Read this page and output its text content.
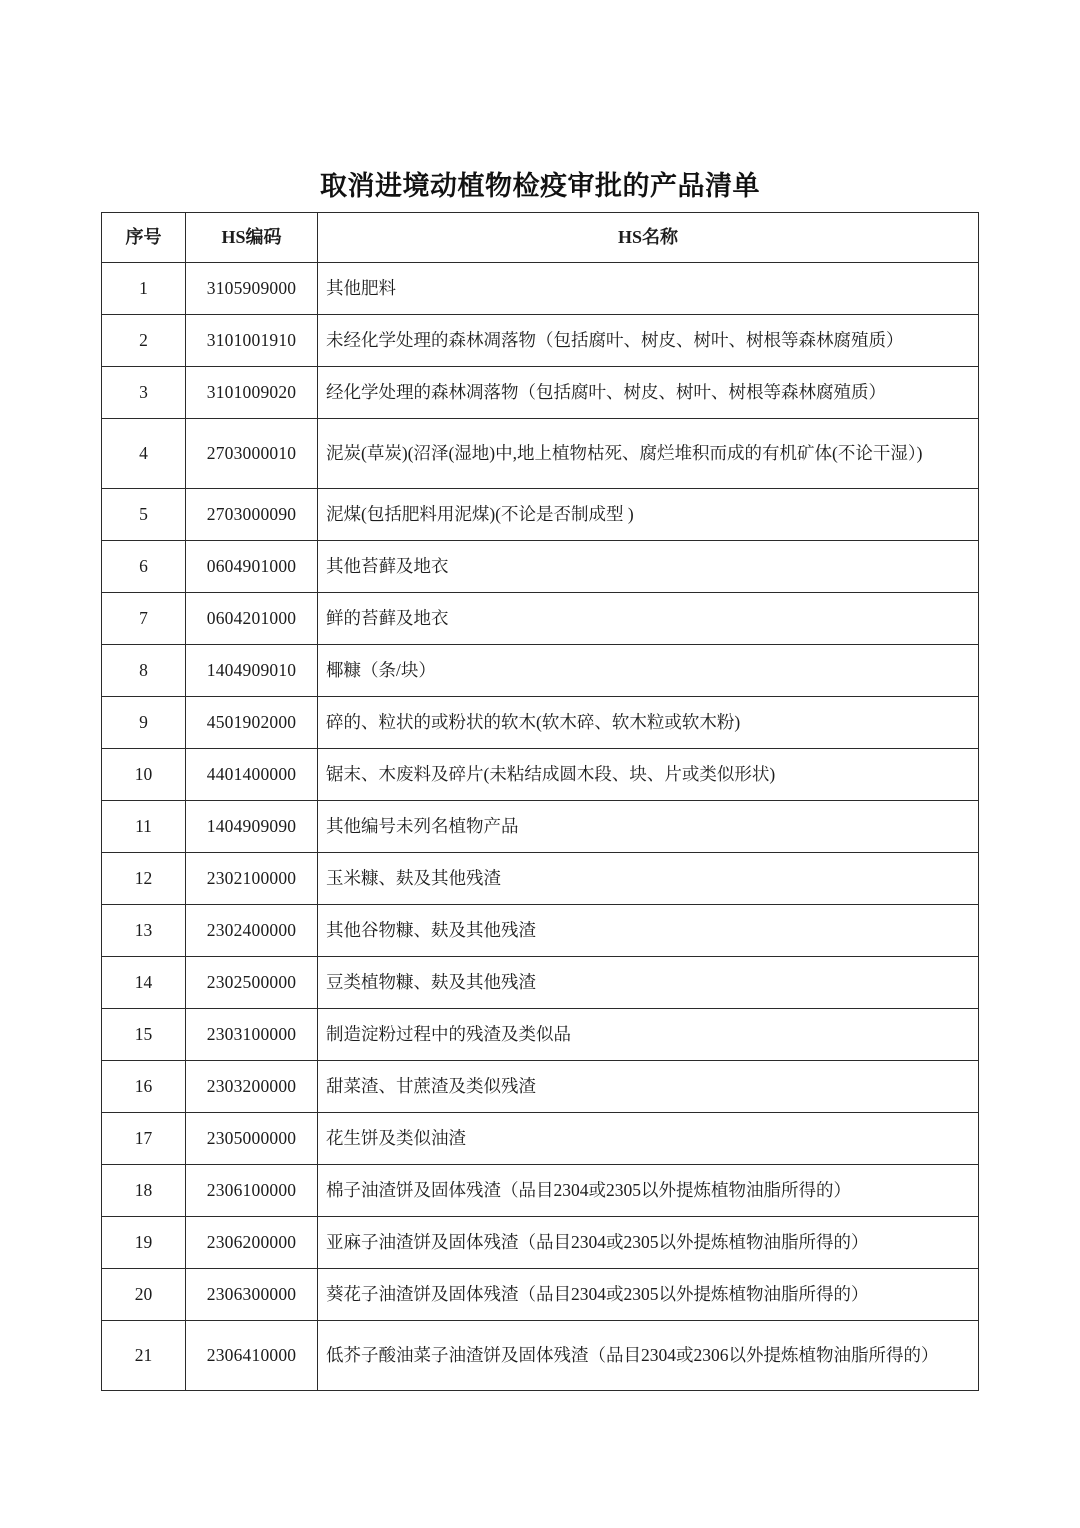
取消进境动植物检疫审批的产品清单
序号	HS编码	HS名称
1	3105909000	其他肥料
2	3101001910	未经化学处理的森林凋落物（包括腐叶、树皮、树叶、树根等森林腐殖质）
3	3101009020	经化学处理的森林凋落物（包括腐叶、树皮、树叶、树根等森林腐殖质）
4	2703000010	泥炭(草炭)(沼泽(湿地)中,地上植物枯死、腐烂堆积而成的有机矿体(不论干湿）)
5	2703000090	泥煤(包括肥料用泥煤)(不论是否制成型 )
6	0604901000	其他苔藓及地衣
7	0604201000	鲜的苔藓及地衣
8	1404909010	椰糠（条/块）
9	4501902000	碎的、粒状的或粉状的软木(软木碎、软木粒或软木粉)
10	4401400000	锯末、木废料及碎片(未粘结成圆木段、块、片或类似形状)
11	1404909090	其他编号未列名植物产品
12	2302100000	玉米糠、麸及其他残渣
13	2302400000	其他谷物糠、麸及其他残渣
14	2302500000	豆类植物糠、麸及其他残渣
15	2303100000	制造淀粉过程中的残渣及类似品
16	2303200000	甜菜渣、甘蔗渣及类似残渣
17	2305000000	花生饼及类似油渣
18	2306100000	棉子油渣饼及固体残渣（品目2304或2305以外提炼植物油脂所得的）
19	2306200000	亚麻子油渣饼及固体残渣（品目2304或2305以外提炼植物油脂所得的）
20	2306300000	葵花子油渣饼及固体残渣（品目2304或2305以外提炼植物油脂所得的）
21	2306410000	低芥子酸油菜子油渣饼及固体残渣（品目2304或2306以外提炼植物油脂所得的）
